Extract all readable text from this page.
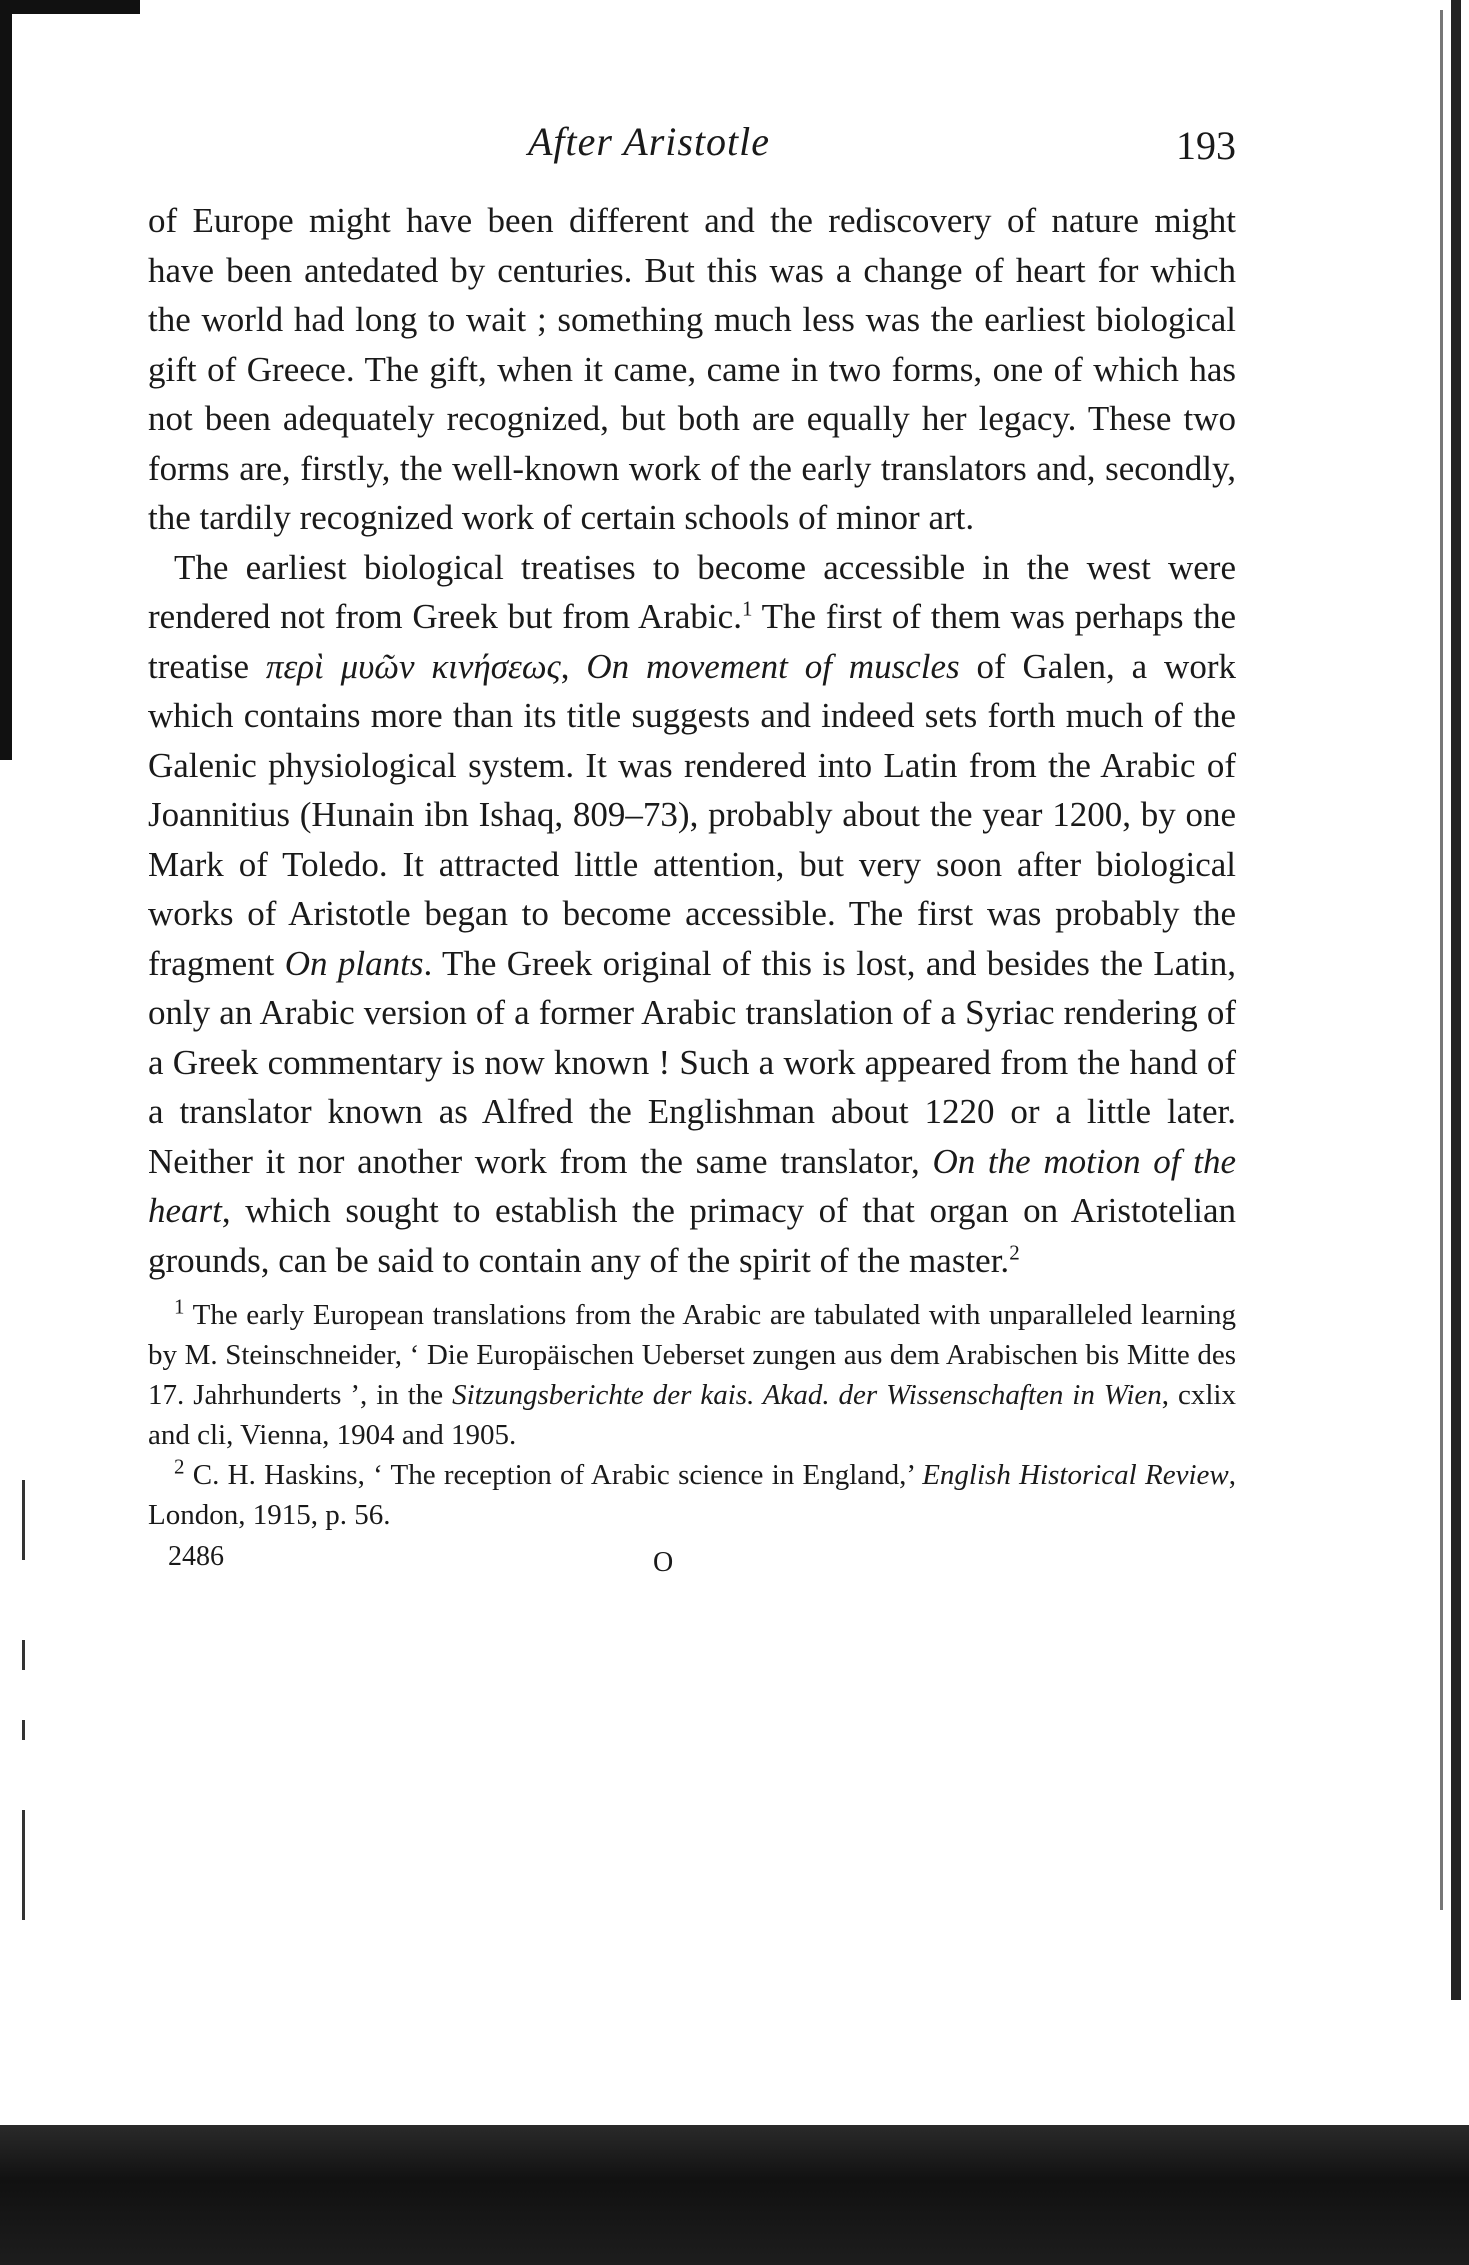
After Aristotle	193

of Europe might have been different and the rediscovery of nature might have been antedated by centuries. But this was a change of heart for which the world had long to wait ; something much less was the earliest biological gift of Greece. The gift, when it came, came in two forms, one of which has not been adequately recognized, but both are equally her legacy. These two forms are, firstly, the well-known work of the early translators and, secondly, the tardily recognized work of certain schools of minor art.

The earliest biological treatises to become accessible in the west were rendered not from Greek but from Arabic.$^1$ The first of them was perhaps the treatise περὶ μυῶν κινήσεως, On movement of muscles of Galen, a work which contains more than its title suggests and indeed sets forth much of the Galenic physiological system. It was rendered into Latin from the Arabic of Joannitius (Hunain ibn Ishaq, 809–73), probably about the year 1200, by one Mark of Toledo. It attracted little attention, but very soon after biological works of Aristotle began to become accessible. The first was probably the fragment On plants. The Greek original of this is lost, and besides the Latin, only an Arabic version of a former Arabic translation of a Syriac rendering of a Greek commentary is now known ! Such a work appeared from the hand of a translator known as Alfred the Englishman about 1220 or a little later. Neither it nor another work from the same translator, On the motion of the heart, which sought to establish the primacy of that organ on Aristotelian grounds, can be said to contain any of the spirit of the master.$^2$

$^1$ The early European translations from the Arabic are tabulated with unparalleled learning by M. Steinschneider, ‘ Die Europäischen Ueberset zungen aus dem Arabischen bis Mitte des 17. Jahrhunderts ’, in the Sitzungsberichte der kais. Akad. der Wissenschaften in Wien, cxlix and cli, Vienna, 1904 and 1905.

$^2$ C. H. Haskins, ‘ The reception of Arabic science in England,’ English Historical Review, London, 1915, p. 56.

2486	O
